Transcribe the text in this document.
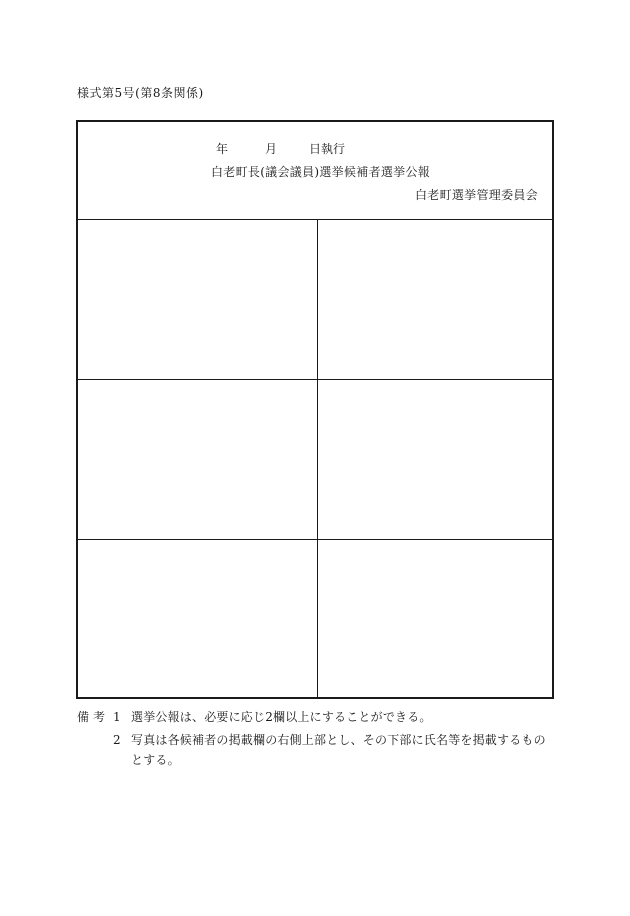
様式第5号(第8条関係)
年	月	日執行
白老町長(議会議員)選挙候補者選挙公報
白老町選挙管理委員会
備考 1 選挙公報は、必要に応じ2欄以上にすることができる。
2 写真は各候補者の掲載欄の右側上部とし、その下部に氏名等を掲載するものとする。
